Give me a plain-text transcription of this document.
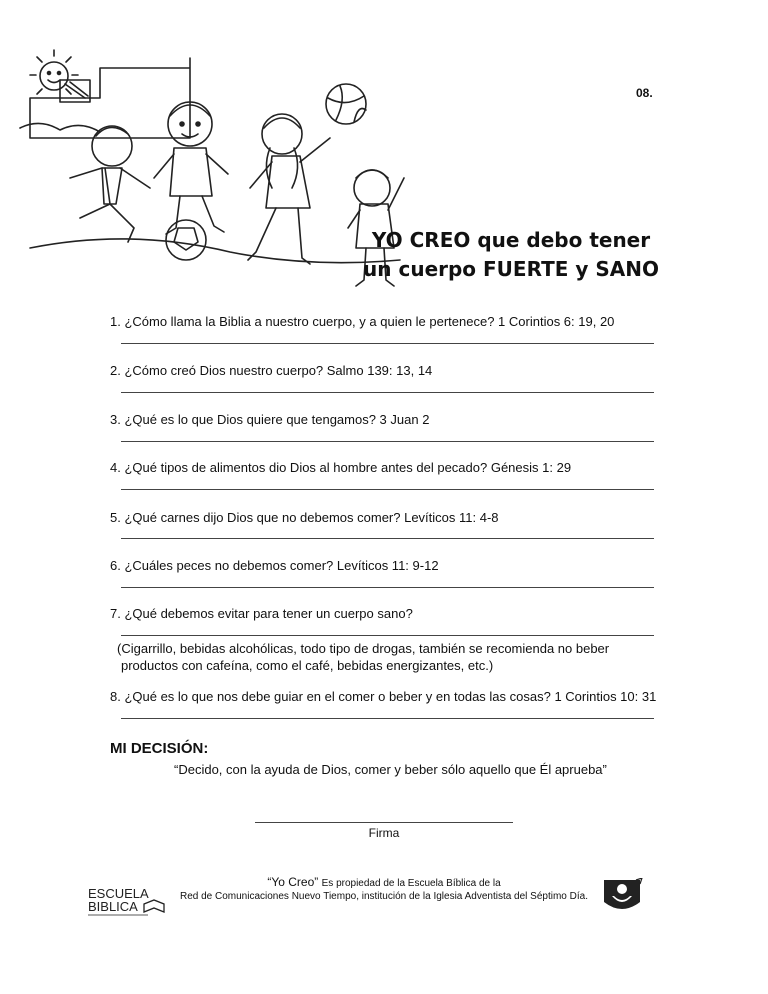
08.
YO CREO que debo tener
un cuerpo FUERTE y SANO
1. ¿Cómo llama la Biblia a nuestro cuerpo, y a quien le pertenece? 1 Corintios 6: 19, 20
2. ¿Cómo creó Dios nuestro cuerpo? Salmo 139: 13, 14
3. ¿Qué es lo que Dios quiere que tengamos? 3 Juan 2
4. ¿Qué tipos de alimentos dio Dios al hombre antes del pecado? Génesis 1: 29
5. ¿Qué carnes dijo Dios que no debemos comer? Levíticos 11: 4-8
6. ¿Cuáles peces no debemos comer? Levíticos 11: 9-12
7. ¿Qué debemos evitar para tener un cuerpo sano?
(Cigarrillo, bebidas alcohólicas, todo tipo de drogas, también se recomienda no beber
productos con cafeína, como el café, bebidas energizantes, etc.)
8. ¿Qué es lo que nos debe guiar en el comer o beber y en todas las cosas? 1 Corintios 10: 31
MI DECISIÓN:
“Decido, con la ayuda de Dios, comer y beber sólo aquello que Él aprueba”
Firma
“Yo Creo” Es propiedad de la Escuela Bíblica de la
Red de Comunicaciones Nuevo Tiempo, institución de la Iglesia Adventista del Séptimo Día.
ESCUELA
BIBLICA
